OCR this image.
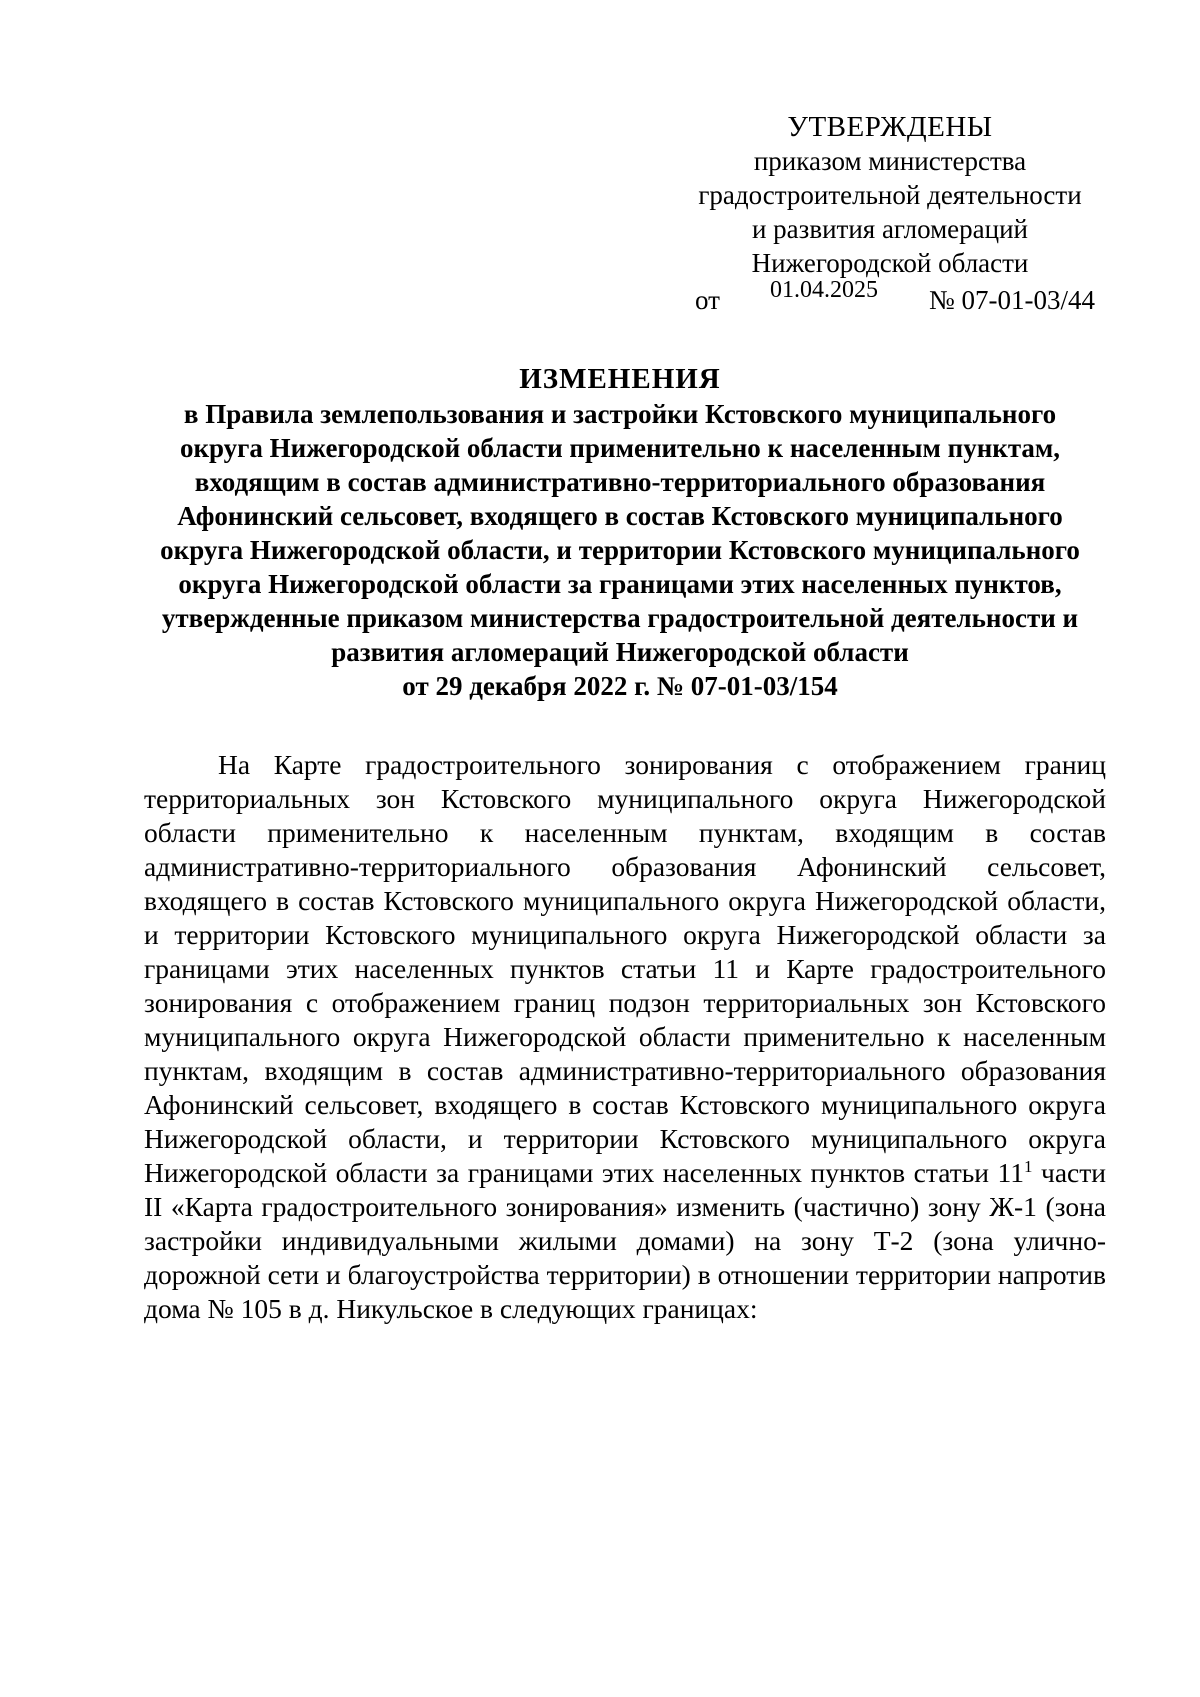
УТВЕРЖДЕНЫ
приказом министерства
градостроительной деятельности
и развития агломераций
Нижегородской области
от 01.04.2025 № 07-01-03/44
ИЗМЕНЕНИЯ
в Правила землепользования и застройки Кстовского муниципального
округа Нижегородской области применительно к населенным пунктам,
входящим в состав административно-территориального образования
Афонинский сельсовет, входящего в состав Кстовского муниципального
округа Нижегородской области, и территории Кстовского муниципального
округа Нижегородской области за границами этих населенных пунктов,
утвержденные приказом министерства градостроительной деятельности и
развития агломераций Нижегородской области
от 29 декабря 2022 г. № 07-01-03/154

На Карте градостроительного зонирования с отображением границ территориальных зон Кстовского муниципального округа Нижегородской области применительно к населенным пунктам, входящим в состав административно-территориального образования Афонинский сельсовет, входящего в состав Кстовского муниципального округа Нижегородской области, и территории Кстовского муниципального округа Нижегородской области за границами этих населенных пунктов статьи 11 и Карте градостроительного зонирования с отображением границ подзон территориальных зон Кстовского муниципального округа Нижегородской области применительно к населенным пунктам, входящим в состав административно-территориального образования Афонинский сельсовет, входящего в состав Кстовского муниципального округа Нижегородской области, и территории Кстовского муниципального округа Нижегородской области за границами этих населенных пунктов статьи $11^1$ части II «Карта градостроительного зонирования» изменить (частично) зону Ж-1 (зона застройки индивидуальными жилыми домами) на зону Т-2 (зона улично-дорожной сети и благоустройства территории) в отношении территории напротив дома № 105 в д. Никульское в следующих границах:
